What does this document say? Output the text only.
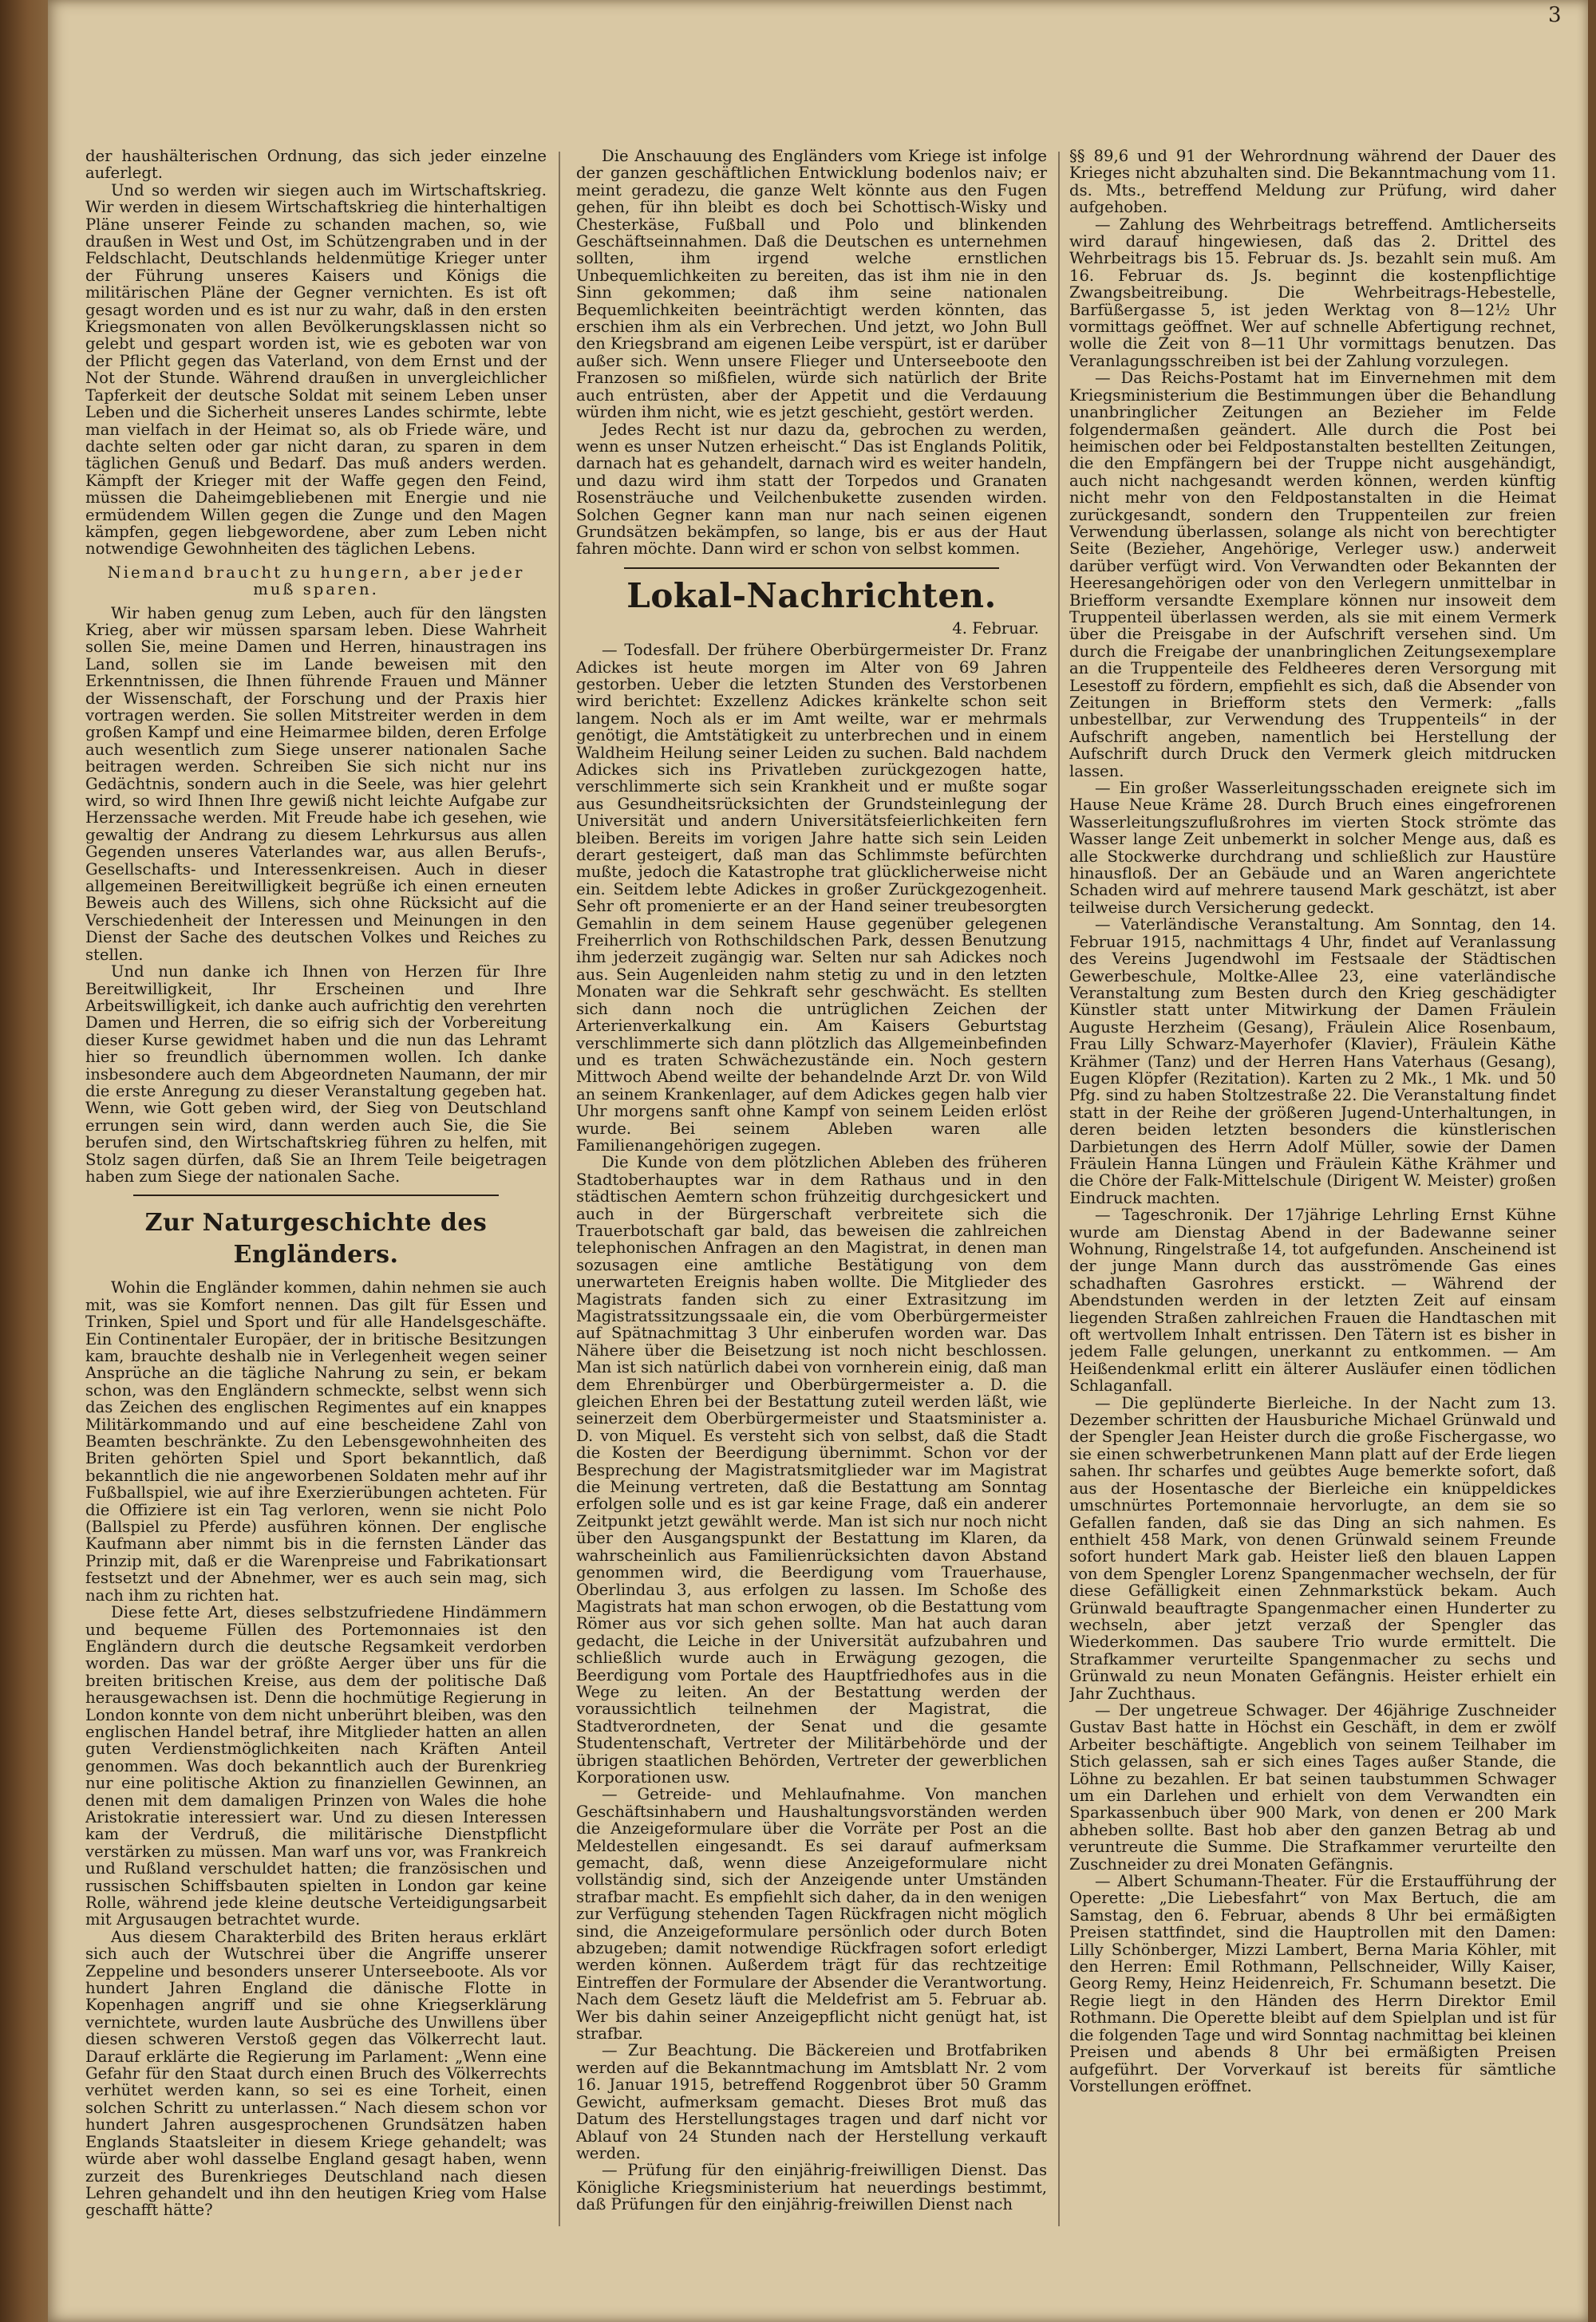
3

der haushälterischen Ordnung, das sich jeder einzelne auferlegt.

Und so werden wir siegen auch im Wirtschaftskrieg. Wir werden in diesem Wirtschaftskrieg die hinterhaltigen Pläne unserer Feinde zu schanden machen, so, wie draußen in West und Ost, im Schützengraben und in der Feldschlacht, Deutschlands heldenmütige Krieger unter der Führung unseres Kaisers und Königs die militärischen Pläne der Gegner vernichten. Es ist oft gesagt worden und es ist nur zu wahr, daß in den ersten Kriegsmonaten von allen Bevölkerungsklassen nicht so gelebt und gespart worden ist, wie es geboten war von der Pflicht gegen das Vaterland, von dem Ernst und der Not der Stunde. Während draußen in unvergleichlicher Tapferkeit der deutsche Soldat mit seinem Leben unser Leben und die Sicherheit unseres Landes schirmte, lebte man vielfach in der Heimat so, als ob Friede wäre, und dachte selten oder gar nicht daran, zu sparen in dem täglichen Genuß und Bedarf. Das muß anders werden. Kämpft der Krieger mit der Waffe gegen den Feind, müssen die Daheimgebliebenen mit Energie und nie ermüdendem Willen gegen die Zunge und den Magen kämpfen, gegen liebgewordene, aber zum Leben nicht notwendige Gewohnheiten des täglichen Lebens.

Niemand braucht zu hungern, aber jeder muß sparen.

Wir haben genug zum Leben, auch für den längsten Krieg, aber wir müssen sparsam leben. Diese Wahrheit sollen Sie, meine Damen und Herren, hinaustragen ins Land, sollen sie im Lande beweisen mit den Erkenntnissen, die Ihnen führende Frauen und Männer der Wissenschaft, der Forschung und der Praxis hier vortragen werden. Sie sollen Mitstreiter werden in dem großen Kampf und eine Heimarmee bilden, deren Erfolge auch wesentlich zum Siege unserer nationalen Sache beitragen werden. Schreiben Sie sich nicht nur ins Gedächtnis, sondern auch in die Seele, was hier gelehrt wird, so wird Ihnen Ihre gewiß nicht leichte Aufgabe zur Herzenssache werden. Mit Freude habe ich gesehen, wie gewaltig der Andrang zu diesem Lehrkursus aus allen Gegenden unseres Vaterlandes war, aus allen Berufs-, Gesellschafts- und Interessenkreisen. Auch in dieser allgemeinen Bereitwilligkeit begrüße ich einen erneuten Beweis auch des Willens, sich ohne Rücksicht auf die Verschiedenheit der Interessen und Meinungen in den Dienst der Sache des deutschen Volkes und Reiches zu stellen.

Und nun danke ich Ihnen von Herzen für Ihre Bereitwilligkeit, Ihr Erscheinen und Ihre Arbeitswilligkeit, ich danke auch aufrichtig den verehrten Damen und Herren, die so eifrig sich der Vorbereitung dieser Kurse gewidmet haben und die nun das Lehramt hier so freundlich übernommen wollen. Ich danke insbesondere auch dem Abgeordneten Naumann, der mir die erste Anregung zu dieser Veranstaltung gegeben hat. Wenn, wie Gott geben wird, der Sieg von Deutschland errungen sein wird, dann werden auch Sie, die Sie berufen sind, den Wirtschaftskrieg führen zu helfen, mit Stolz sagen dürfen, daß Sie an Ihrem Teile beigetragen haben zum Siege der nationalen Sache.

Zur Naturgeschichte des Engländers.

Wohin die Engländer kommen, dahin nehmen sie auch mit, was sie Komfort nennen. Das gilt für Essen und Trinken, Spiel und Sport und für alle Handelsgeschäfte. Ein Continentaler Europäer, der in britische Besitzungen kam, brauchte deshalb nie in Verlegenheit wegen seiner Ansprüche an die tägliche Nahrung zu sein, er bekam schon, was den Engländern schmeckte, selbst wenn sich das Zeichen des englischen Regimentes auf ein knappes Militärkommando und auf eine bescheidene Zahl von Beamten beschränkte. Zu den Lebensgewohnheiten des Briten gehörten Spiel und Sport bekanntlich, daß bekanntlich die nie angeworbenen Soldaten mehr auf ihr Fußballspiel, wie auf ihre Exerzierübungen achteten. Für die Offiziere ist ein Tag verloren, wenn sie nicht Polo (Ballspiel zu Pferde) ausführen können. Der englische Kaufmann aber nimmt bis in die fernsten Länder das Prinzip mit, daß er die Warenpreise und Fabrikationsart festsetzt und der Abnehmer, wer es auch sein mag, sich nach ihm zu richten hat.

Diese fette Art, dieses selbstzufriedene Hindämmern und bequeme Füllen des Portemonnaies ist den Engländern durch die deutsche Regsamkeit verdorben worden. Das war der größte Aerger über uns für die breiten britischen Kreise, aus dem der politische Daß herausgewachsen ist. Denn die hochmütige Regierung in London konnte von dem nicht unberührt bleiben, was den englischen Handel betraf, ihre Mitglieder hatten an allen guten Verdienstmöglichkeiten nach Kräften Anteil genommen. Was doch bekanntlich auch der Burenkrieg nur eine politische Aktion zu finanziellen Gewinnen, an denen mit dem damaligen Prinzen von Wales die hohe Aristokratie interessiert war. Und zu diesen Interessen kam der Verdruß, die militärische Dienstpflicht verstärken zu müssen. Man warf uns vor, was Frankreich und Rußland verschuldet hatten; die französischen und russischen Schiffsbauten spielten in London gar keine Rolle, während jede kleine deutsche Verteidigungsarbeit mit Argusaugen betrachtet wurde.

Aus diesem Charakterbild des Briten heraus erklärt sich auch der Wutschrei über die Angriffe unserer Zeppeline und besonders unserer Unterseeboote. Als vor hundert Jahren England die dänische Flotte in Kopenhagen angriff und sie ohne Kriegserklärung vernichtete, wurden laute Ausbrüche des Unwillens über diesen schweren Verstoß gegen das Völkerrecht laut. Darauf erklärte die Regierung im Parlament: „Wenn eine Gefahr für den Staat durch einen Bruch des Völkerrechts verhütet werden kann, so sei es eine Torheit, einen solchen Schritt zu unterlassen.“ Nach diesem schon vor hundert Jahren ausgesprochenen Grundsätzen haben Englands Staatsleiter in diesem Kriege gehandelt; was würde aber wohl dasselbe England gesagt haben, wenn zurzeit des Burenkrieges Deutschland nach diesen Lehren gehandelt und ihn den heutigen Krieg vom Halse geschafft hätte?

Die Anschauung des Engländers vom Kriege ist infolge der ganzen geschäftlichen Entwicklung bodenlos naiv; er meint geradezu, die ganze Welt könnte aus den Fugen gehen, für ihn bleibt es doch bei Schottisch-Wisky und Chesterkäse, Fußball und Polo und blinkenden Geschäftseinnahmen. Daß die Deutschen es unternehmen sollten, ihm irgend welche ernstlichen Unbequemlichkeiten zu bereiten, das ist ihm nie in den Sinn gekommen; daß ihm seine nationalen Bequemlichkeiten beeinträchtigt werden könnten, das erschien ihm als ein Verbrechen. Und jetzt, wo John Bull den Kriegsbrand am eigenen Leibe verspürt, ist er darüber außer sich. Wenn unsere Flieger und Unterseeboote den Franzosen so mißfielen, würde sich natürlich der Brite auch entrüsten, aber der Appetit und die Verdauung würden ihm nicht, wie es jetzt geschieht, gestört werden.

Jedes Recht ist nur dazu da, gebrochen zu werden, wenn es unser Nutzen erheischt.“ Das ist Englands Politik, darnach hat es gehandelt, darnach wird es weiter handeln, und dazu wird ihm statt der Torpedos und Granaten Rosensträuche und Veilchenbukette zusenden wirden. Solchen Gegner kann man nur nach seinen eigenen Grundsätzen bekämpfen, so lange, bis er aus der Haut fahren möchte. Dann wird er schon von selbst kommen.

Lokal-Nachrichten.

4. Februar.

— Todesfall. Der frühere Oberbürgermeister Dr. Franz Adickes ist heute morgen im Alter von 69 Jahren gestorben. Ueber die letzten Stunden des Verstorbenen wird berichtet: Exzellenz Adickes kränkelte schon seit langem. Noch als er im Amt weilte, war er mehrmals genötigt, die Amtstätigkeit zu unterbrechen und in einem Waldheim Heilung seiner Leiden zu suchen. Bald nachdem Adickes sich ins Privatleben zurückgezogen hatte, verschlimmerte sich sein Krankheit und er mußte sogar aus Gesundheitsrücksichten der Grundsteinlegung der Universität und andern Universitätsfeierlichkeiten fern bleiben. Bereits im vorigen Jahre hatte sich sein Leiden derart gesteigert, daß man das Schlimmste befürchten mußte, jedoch die Katastrophe trat glücklicherweise nicht ein. Seitdem lebte Adickes in großer Zurückgezogenheit. Sehr oft promenierte er an der Hand seiner treubesorgten Gemahlin in dem seinem Hause gegenüber gelegenen Freiherrlich von Rothschildschen Park, dessen Benutzung ihm jederzeit zugängig war. Selten nur sah Adickes noch aus. Sein Augenleiden nahm stetig zu und in den letzten Monaten war die Sehkraft sehr geschwächt. Es stellten sich dann noch die untrüglichen Zeichen der Arterienverkalkung ein. Am Kaisers Geburtstag verschlimmerte sich dann plötzlich das Allgemeinbefinden und es traten Schwächezustände ein. Noch gestern Mittwoch Abend weilte der behandelnde Arzt Dr. von Wild an seinem Krankenlager, auf dem Adickes gegen halb vier Uhr morgens sanft ohne Kampf von seinem Leiden erlöst wurde. Bei seinem Ableben waren alle Familienangehörigen zugegen.

Die Kunde von dem plötzlichen Ableben des früheren Stadtoberhauptes war in dem Rathaus und in den städtischen Aemtern schon frühzeitig durchgesickert und auch in der Bürgerschaft verbreitete sich die Trauerbotschaft gar bald, das beweisen die zahlreichen telephonischen Anfragen an den Magistrat, in denen man sozusagen eine amtliche Bestätigung von dem unerwarteten Ereignis haben wollte. Die Mitglieder des Magistrats fanden sich zu einer Extrasitzung im Magistratssitzungssaale ein, die vom Oberbürgermeister auf Spätnachmittag 3 Uhr einberufen worden war. Das Nähere über die Beisetzung ist noch nicht beschlossen. Man ist sich natürlich dabei von vornherein einig, daß man dem Ehrenbürger und Oberbürgermeister a. D. die gleichen Ehren bei der Bestattung zuteil werden läßt, wie seinerzeit dem Oberbürgermeister und Staatsminister a. D. von Miquel. Es versteht sich von selbst, daß die Stadt die Kosten der Beerdigung übernimmt. Schon vor der Besprechung der Magistratsmitglieder war im Magistrat die Meinung vertreten, daß die Bestattung am Sonntag erfolgen solle und es ist gar keine Frage, daß ein anderer Zeitpunkt jetzt gewählt werde. Man ist sich nur noch nicht über den Ausgangspunkt der Bestattung im Klaren, da wahrscheinlich aus Familienrücksichten davon Abstand genommen wird, die Beerdigung vom Trauerhause, Oberlindau 3, aus erfolgen zu lassen. Im Schoße des Magistrats hat man schon erwogen, ob die Bestattung vom Römer aus vor sich gehen sollte. Man hat auch daran gedacht, die Leiche in der Universität aufzubahren und schließlich wurde auch in Erwägung gezogen, die Beerdigung vom Portale des Hauptfriedhofes aus in die Wege zu leiten. An der Bestattung werden der voraussichtlich teilnehmen der Magistrat, die Stadtverordneten, der Senat und die gesamte Studentenschaft, Vertreter der Militärbehörde und der übrigen staatlichen Behörden, Vertreter der gewerblichen Korporationen usw.

— Getreide- und Mehlaufnahme. Von manchen Geschäftsinhabern und Haushaltungsvorständen werden die Anzeigeformulare über die Vorräte per Post an die Meldestellen eingesandt. Es sei darauf aufmerksam gemacht, daß, wenn diese Anzeigeformulare nicht vollständig sind, sich der Anzeigende unter Umständen strafbar macht. Es empfiehlt sich daher, da in den wenigen zur Verfügung stehenden Tagen Rückfragen nicht möglich sind, die Anzeigeformulare persönlich oder durch Boten abzugeben; damit notwendige Rückfragen sofort erledigt werden können. Außerdem trägt für das rechtzeitige Eintreffen der Formulare der Absender die Verantwortung. Nach dem Gesetz läuft die Meldefrist am 5. Februar ab. Wer bis dahin seiner Anzeigepflicht nicht genügt hat, ist strafbar.

— Zur Beachtung. Die Bäckereien und Brotfabriken werden auf die Bekanntmachung im Amtsblatt Nr. 2 vom 16. Januar 1915, betreffend Roggenbrot über 50 Gramm Gewicht, aufmerksam gemacht. Dieses Brot muß das Datum des Herstellungstages tragen und darf nicht vor Ablauf von 24 Stunden nach der Herstellung verkauft werden.

— Prüfung für den einjährig-freiwilligen Dienst. Das Königliche Kriegsministerium hat neuerdings bestimmt, daß Prüfungen für den einjährig-freiwillen Dienst nach

§§ 89,6 und 91 der Wehrordnung während der Dauer des Krieges nicht abzuhalten sind. Die Bekanntmachung vom 11. ds. Mts., betreffend Meldung zur Prüfung, wird daher aufgehoben.

— Zahlung des Wehrbeitrags betreffend. Amtlicherseits wird darauf hingewiesen, daß das 2. Drittel des Wehrbeitrags bis 15. Februar ds. Js. bezahlt sein muß. Am 16. Februar ds. Js. beginnt die kostenpflichtige Zwangsbeitreibung. Die Wehrbeitrags-Hebestelle, Barfüßergasse 5, ist jeden Werktag von 8—12½ Uhr vormittags geöffnet. Wer auf schnelle Abfertigung rechnet, wolle die Zeit von 8—11 Uhr vormittags benutzen. Das Veranlagungsschreiben ist bei der Zahlung vorzulegen.

— Das Reichs-Postamt hat im Einvernehmen mit dem Kriegsministerium die Bestimmungen über die Behandlung unanbringlicher Zeitungen an Bezieher im Felde folgendermaßen geändert. Alle durch die Post bei heimischen oder bei Feldpostanstalten bestellten Zeitungen, die den Empfängern bei der Truppe nicht ausgehändigt, auch nicht nachgesandt werden können, werden künftig nicht mehr von den Feldpostanstalten in die Heimat zurückgesandt, sondern den Truppenteilen zur freien Verwendung überlassen, solange als nicht von berechtigter Seite (Bezieher, Angehörige, Verleger usw.) anderweit darüber verfügt wird. Von Verwandten oder Bekannten der Heeresangehörigen oder von den Verlegern unmittelbar in Briefform versandte Exemplare können nur insoweit dem Truppenteil überlassen werden, als sie mit einem Vermerk über die Preisgabe in der Aufschrift versehen sind. Um durch die Freigabe der unanbringlichen Zeitungsexemplare an die Truppenteile des Feldheeres deren Versorgung mit Lesestoff zu fördern, empfiehlt es sich, daß die Absender von Zeitungen in Briefform stets den Vermerk: „falls unbestellbar, zur Verwendung des Truppenteils“ in der Aufschrift angeben, namentlich bei Herstellung der Aufschrift durch Druck den Vermerk gleich mitdrucken lassen.

— Ein großer Wasserleitungsschaden ereignete sich im Hause Neue Kräme 28. Durch Bruch eines eingefrorenen Wasserleitungszuflußrohres im vierten Stock strömte das Wasser lange Zeit unbemerkt in solcher Menge aus, daß es alle Stockwerke durchdrang und schließlich zur Haustüre hinausfloß. Der an Gebäude und an Waren angerichtete Schaden wird auf mehrere tausend Mark geschätzt, ist aber teilweise durch Versicherung gedeckt.

— Vaterländische Veranstaltung. Am Sonntag, den 14. Februar 1915, nachmittags 4 Uhr, findet auf Veranlassung des Vereins Jugendwohl im Festsaale der Städtischen Gewerbeschule, Moltke-Allee 23, eine vaterländische Veranstaltung zum Besten durch den Krieg geschädigter Künstler statt unter Mitwirkung der Damen Fräulein Auguste Herzheim (Gesang), Fräulein Alice Rosenbaum, Frau Lilly Schwarz-Mayerhofer (Klavier), Fräulein Käthe Krähmer (Tanz) und der Herren Hans Vaterhaus (Gesang), Eugen Klöpfer (Rezitation). Karten zu 2 Mk., 1 Mk. und 50 Pfg. sind zu haben Stoltzestraße 22. Die Veranstaltung findet statt in der Reihe der größeren Jugend-Unterhaltungen, in deren beiden letzten besonders die künstlerischen Darbietungen des Herrn Adolf Müller, sowie der Damen Fräulein Hanna Lüngen und Fräulein Käthe Krähmer und die Chöre der Falk-Mittelschule (Dirigent W. Meister) großen Eindruck machten.

— Tageschronik. Der 17jährige Lehrling Ernst Kühne wurde am Dienstag Abend in der Badewanne seiner Wohnung, Ringelstraße 14, tot aufgefunden. Anscheinend ist der junge Mann durch das ausströmende Gas eines schadhaften Gasrohres erstickt. — Während der Abendstunden werden in der letzten Zeit auf einsam liegenden Straßen zahlreichen Frauen die Handtaschen mit oft wertvollem Inhalt entrissen. Den Tätern ist es bisher in jedem Falle gelungen, unerkannt zu entkommen. — Am Heißendenkmal erlitt ein älterer Ausläufer einen tödlichen Schlaganfall.

— Die geplünderte Bierleiche. In der Nacht zum 13. Dezember schritten der Hausburiche Michael Grünwald und der Spengler Jean Heister durch die große Fischergasse, wo sie einen schwerbetrunkenen Mann platt auf der Erde liegen sahen. Ihr scharfes und geübtes Auge bemerkte sofort, daß aus der Hosentasche der Bierleiche ein knüppeldickes umschnürtes Portemonnaie hervorlugte, an dem sie so Gefallen fanden, daß sie das Ding an sich nahmen. Es enthielt 458 Mark, von denen Grünwald seinem Freunde sofort hundert Mark gab. Heister ließ den blauen Lappen von dem Spengler Lorenz Spangenmacher wechseln, der für diese Gefälligkeit einen Zehnmarkstück bekam. Auch Grünwald beauftragte Spangenmacher einen Hunderter zu wechseln, aber jetzt verzaß der Spengler das Wiederkommen. Das saubere Trio wurde ermittelt. Die Strafkammer verurteilte Spangenmacher zu sechs und Grünwald zu neun Monaten Gefängnis. Heister erhielt ein Jahr Zuchthaus.

— Der ungetreue Schwager. Der 46jährige Zuschneider Gustav Bast hatte in Höchst ein Geschäft, in dem er zwölf Arbeiter beschäftigte. Angeblich von seinem Teilhaber im Stich gelassen, sah er sich eines Tages außer Stande, die Löhne zu bezahlen. Er bat seinen taubstummen Schwager um ein Darlehen und erhielt von dem Verwandten ein Sparkassenbuch über 900 Mark, von denen er 200 Mark abheben sollte. Bast hob aber den ganzen Betrag ab und veruntreute die Summe. Die Strafkammer verurteilte den Zuschneider zu drei Monaten Gefängnis.

— Albert Schumann-Theater. Für die Erstaufführung der Operette: „Die Liebesfahrt“ von Max Bertuch, die am Samstag, den 6. Februar, abends 8 Uhr bei ermäßigten Preisen stattfindet, sind die Hauptrollen mit den Damen: Lilly Schönberger, Mizzi Lambert, Berna Maria Köhler, mit den Herren: Emil Rothmann, Pellschneider, Willy Kaiser, Georg Remy, Heinz Heidenreich, Fr. Schumann besetzt. Die Regie liegt in den Händen des Herrn Direktor Emil Rothmann. Die Operette bleibt auf dem Spielplan und ist für die folgenden Tage und wird Sonntag nachmittag bei kleinen Preisen und abends 8 Uhr bei ermäßigten Preisen aufgeführt. Der Vorverkauf ist bereits für sämtliche Vorstellungen eröffnet.
